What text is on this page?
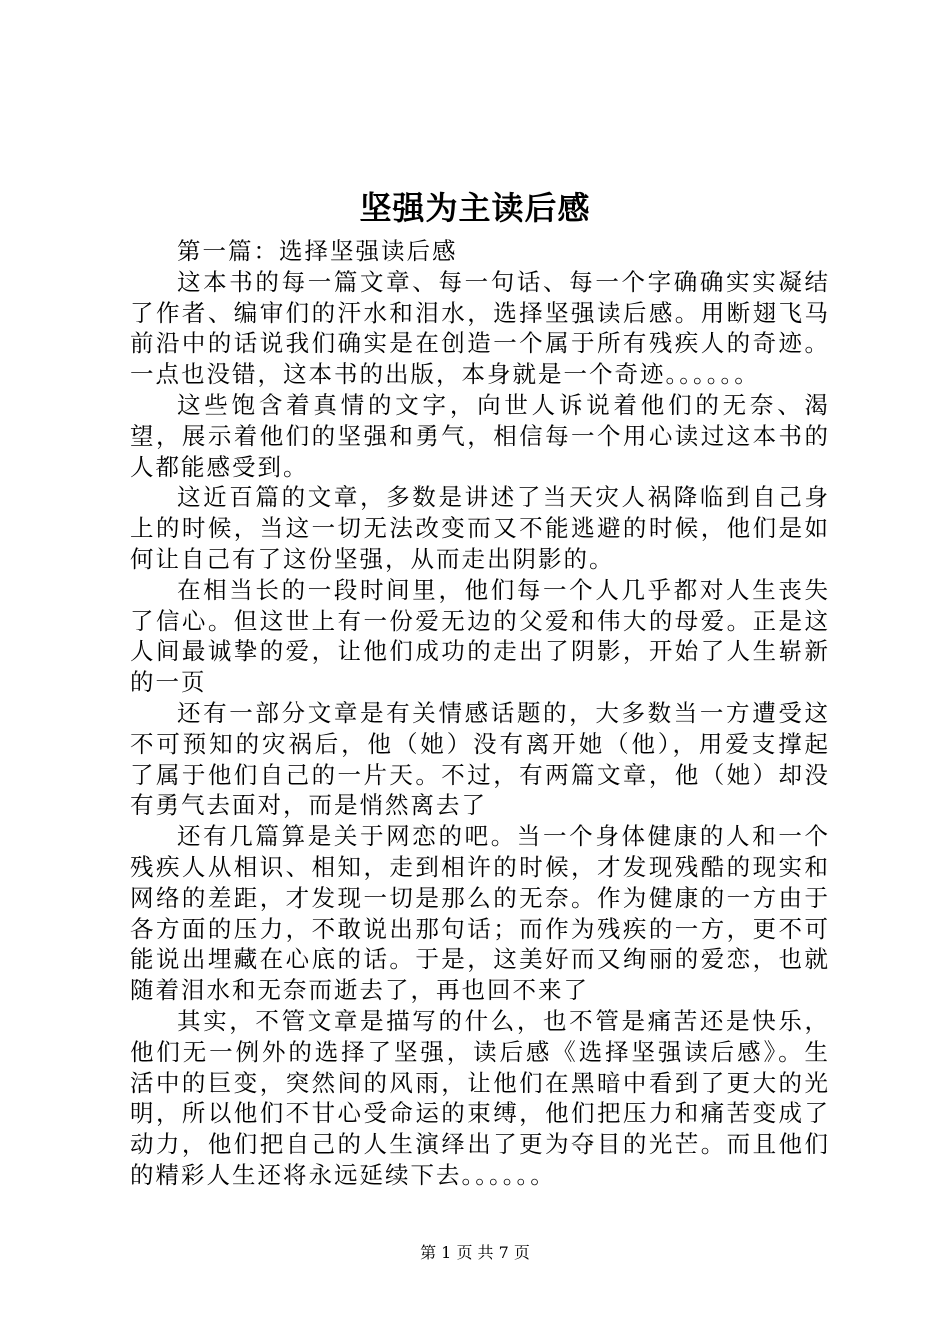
坚强为主读后感

第一篇：选择坚强读后感

这本书的每一篇文章、每一句话、每一个字确确实实凝结了作者、编审们的汗水和泪水，选择坚强读后感。用断翅飞马前沿中的话说我们确实是在创造一个属于所有残疾人的奇迹。一点也没错，这本书的出版，本身就是一个奇迹。。。。。。

这些饱含着真情的文字，向世人诉说着他们的无奈、渴望，展示着他们的坚强和勇气，相信每一个用心读过这本书的人都能感受到。

这近百篇的文章，多数是讲述了当天灾人祸降临到自己身上的时候，当这一切无法改变而又不能逃避的时候，他们是如何让自己有了这份坚强，从而走出阴影的。

在相当长的一段时间里，他们每一个人几乎都对人生丧失了信心。但这世上有一份爱无边的父爱和伟大的母爱。正是这人间最诚挚的爱，让他们成功的走出了阴影，开始了人生崭新的一页

还有一部分文章是有关情感话题的，大多数当一方遭受这不可预知的灾祸后，他（她）没有离开她（他），用爱支撑起了属于他们自己的一片天。不过，有两篇文章，他（她）却没有勇气去面对，而是悄然离去了

还有几篇算是关于网恋的吧。当一个身体健康的人和一个残疾人从相识、相知，走到相许的时候，才发现残酷的现实和网络的差距，才发现一切是那么的无奈。作为健康的一方由于各方面的压力，不敢说出那句话；而作为残疾的一方，更不可能说出埋藏在心底的话。于是，这美好而又绚丽的爱恋，也就随着泪水和无奈而逝去了，再也回不来了

其实，不管文章是描写的什么，也不管是痛苦还是快乐，他们无一例外的选择了坚强，读后感《选择坚强读后感》。生活中的巨变，突然间的风雨，让他们在黑暗中看到了更大的光明，所以他们不甘心受命运的束缚，他们把压力和痛苦变成了动力，他们把自己的人生演绎出了更为夺目的光芒。而且他们的精彩人生还将永远延续下去。。。。。。

第 1 页 共 7 页
